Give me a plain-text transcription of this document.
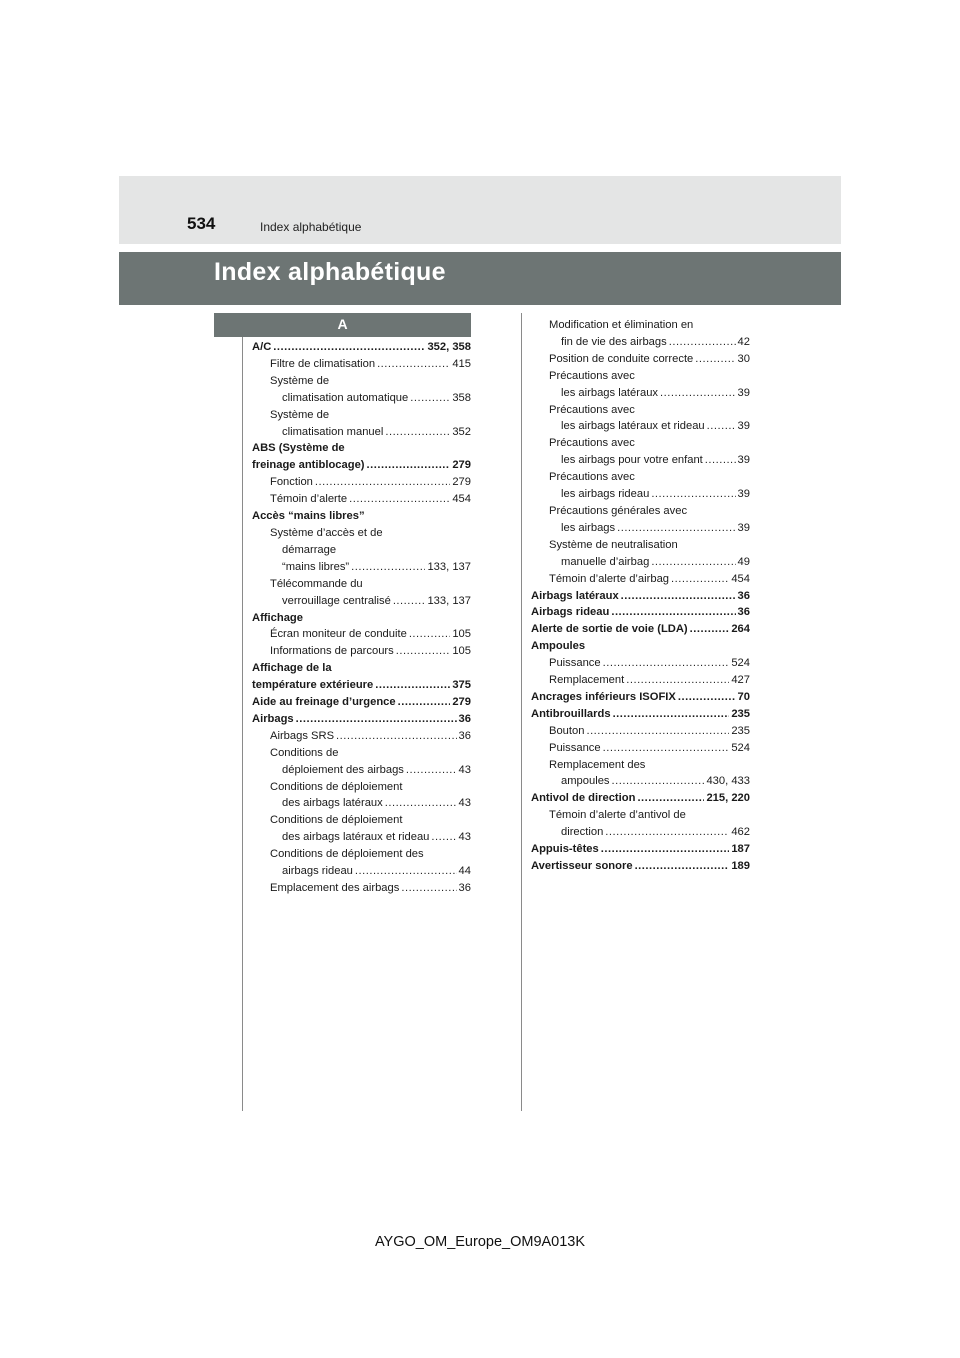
534	Index alphabétique
Index alphabétique
A
A/C .....	352, 358
Filtre de climatisation .....	415
Système de
climatisation automatique .....	358
Système de
climatisation manuel .....	352
ABS (Système de
freinage antiblocage) .....	279
Fonction .....	279
Témoin d’alerte .....	454
Accès “mains libres”
Système d’accès et de
démarrage
“mains libres” .....	133, 137
Télécommande du
verrouillage centralisé .....	133, 137
Affichage
Écran moniteur de conduite .....	105
Informations de parcours .....	105
Affichage de la
température extérieure .....	375
Aide au freinage d’urgence .....	279
Airbags .....	36
Airbags SRS .....	36
Conditions de
déploiement des airbags .....	43
Conditions de déploiement
des airbags latéraux .....	43
Conditions de déploiement
des airbags latéraux et rideau .....	43
Conditions de déploiement des
airbags rideau .....	44
Emplacement des airbags .....	36
Modification et élimination en
fin de vie des airbags .....	42
Position de conduite correcte .....	30
Précautions avec
les airbags latéraux .....	39
Précautions avec
les airbags latéraux et rideau .....	39
Précautions avec
les airbags pour votre enfant .....	39
Précautions avec
les airbags rideau .....	39
Précautions générales avec
les airbags .....	39
Système de neutralisation
manuelle d’airbag .....	49
Témoin d’alerte d’airbag .....	454
Airbags latéraux .....	36
Airbags rideau .....	36
Alerte de sortie de voie (LDA) .....	264
Ampoules
Puissance .....	524
Remplacement .....	427
Ancrages inférieurs ISOFIX .....	70
Antibrouillards .....	235
Bouton .....	235
Puissance .....	524
Remplacement des
ampoules .....	430, 433
Antivol de direction .....	215, 220
Témoin d’alerte d’antivol de
direction .....	462
Appuis-têtes .....	187
Avertisseur sonore .....	189
AYGO_OM_Europe_OM9A013K
